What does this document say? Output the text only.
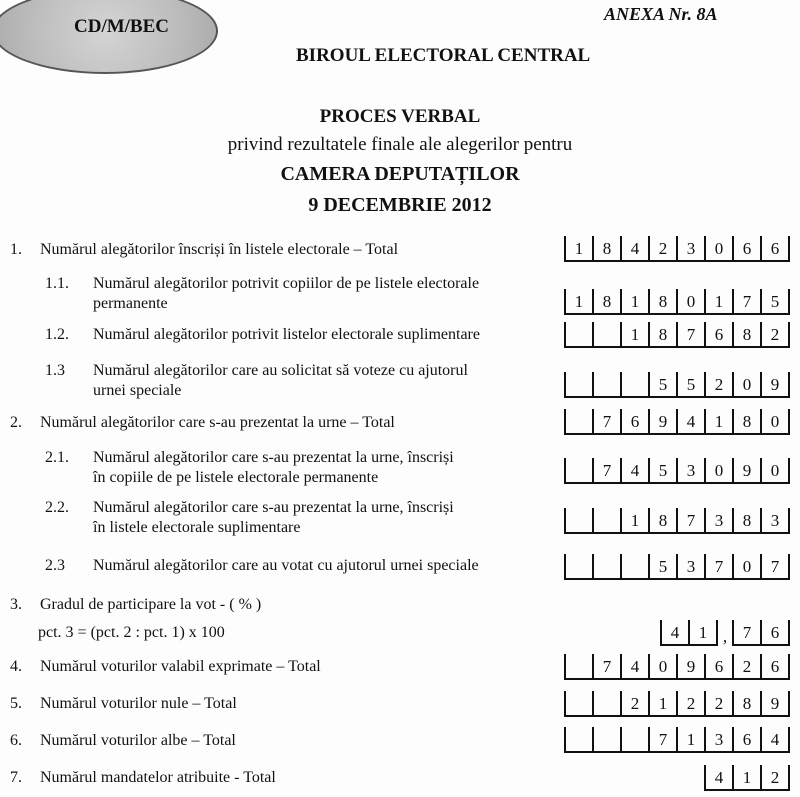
CD/M/BEC
ANEXA Nr. 8A
BIROUL ELECTORAL CENTRAL
PROCES VERBAL
privind rezultatele finale ale alegerilor pentru
CAMERA DEPUTAȚILOR
9 DECEMBRIE 2012
1. Numărul alegătorilor înscriși în listele electorale – Total	1	8	4	2	3	0	6	6
1.1. Numărul alegătorilor potrivit copiilor de pe listele electorale
permanente	1	8	1	8	0	1	7	5
1.2. Numărul alegătorilor potrivit listelor electorale suplimentare	1	8	7	6	8	2
1.3 Numărul alegătorilor care au solicitat să voteze cu ajutorul
urnei speciale	5	5	2	0	9
2. Numărul alegătorilor care s-au prezentat la urne – Total	7	6	9	4	1	8	0
2.1. Numărul alegătorilor care s-au prezentat la urne, înscriși
în copiile de pe listele electorale permanente	7	4	5	3	0	9	0
2.2. Numărul alegătorilor care s-au prezentat la urne, înscriși
în listele electorale suplimentare	1	8	7	3	8	3
2.3 Numărul alegătorilor care au votat cu ajutorul urnei speciale	5	3	7	0	7
3. Gradul de participare la vot - ( % )
pct. 3 = (pct. 2 : pct. 1) x 100	4	1 , 7	6
4. Numărul voturilor valabil exprimate – Total	7	4	0	9	6	2	6
5. Numărul voturilor nule – Total	2	1	2	2	8	9
6. Numărul voturilor albe – Total	7	1	3	6	4
7. Numărul mandatelor atribuite - Total	4	1	2
